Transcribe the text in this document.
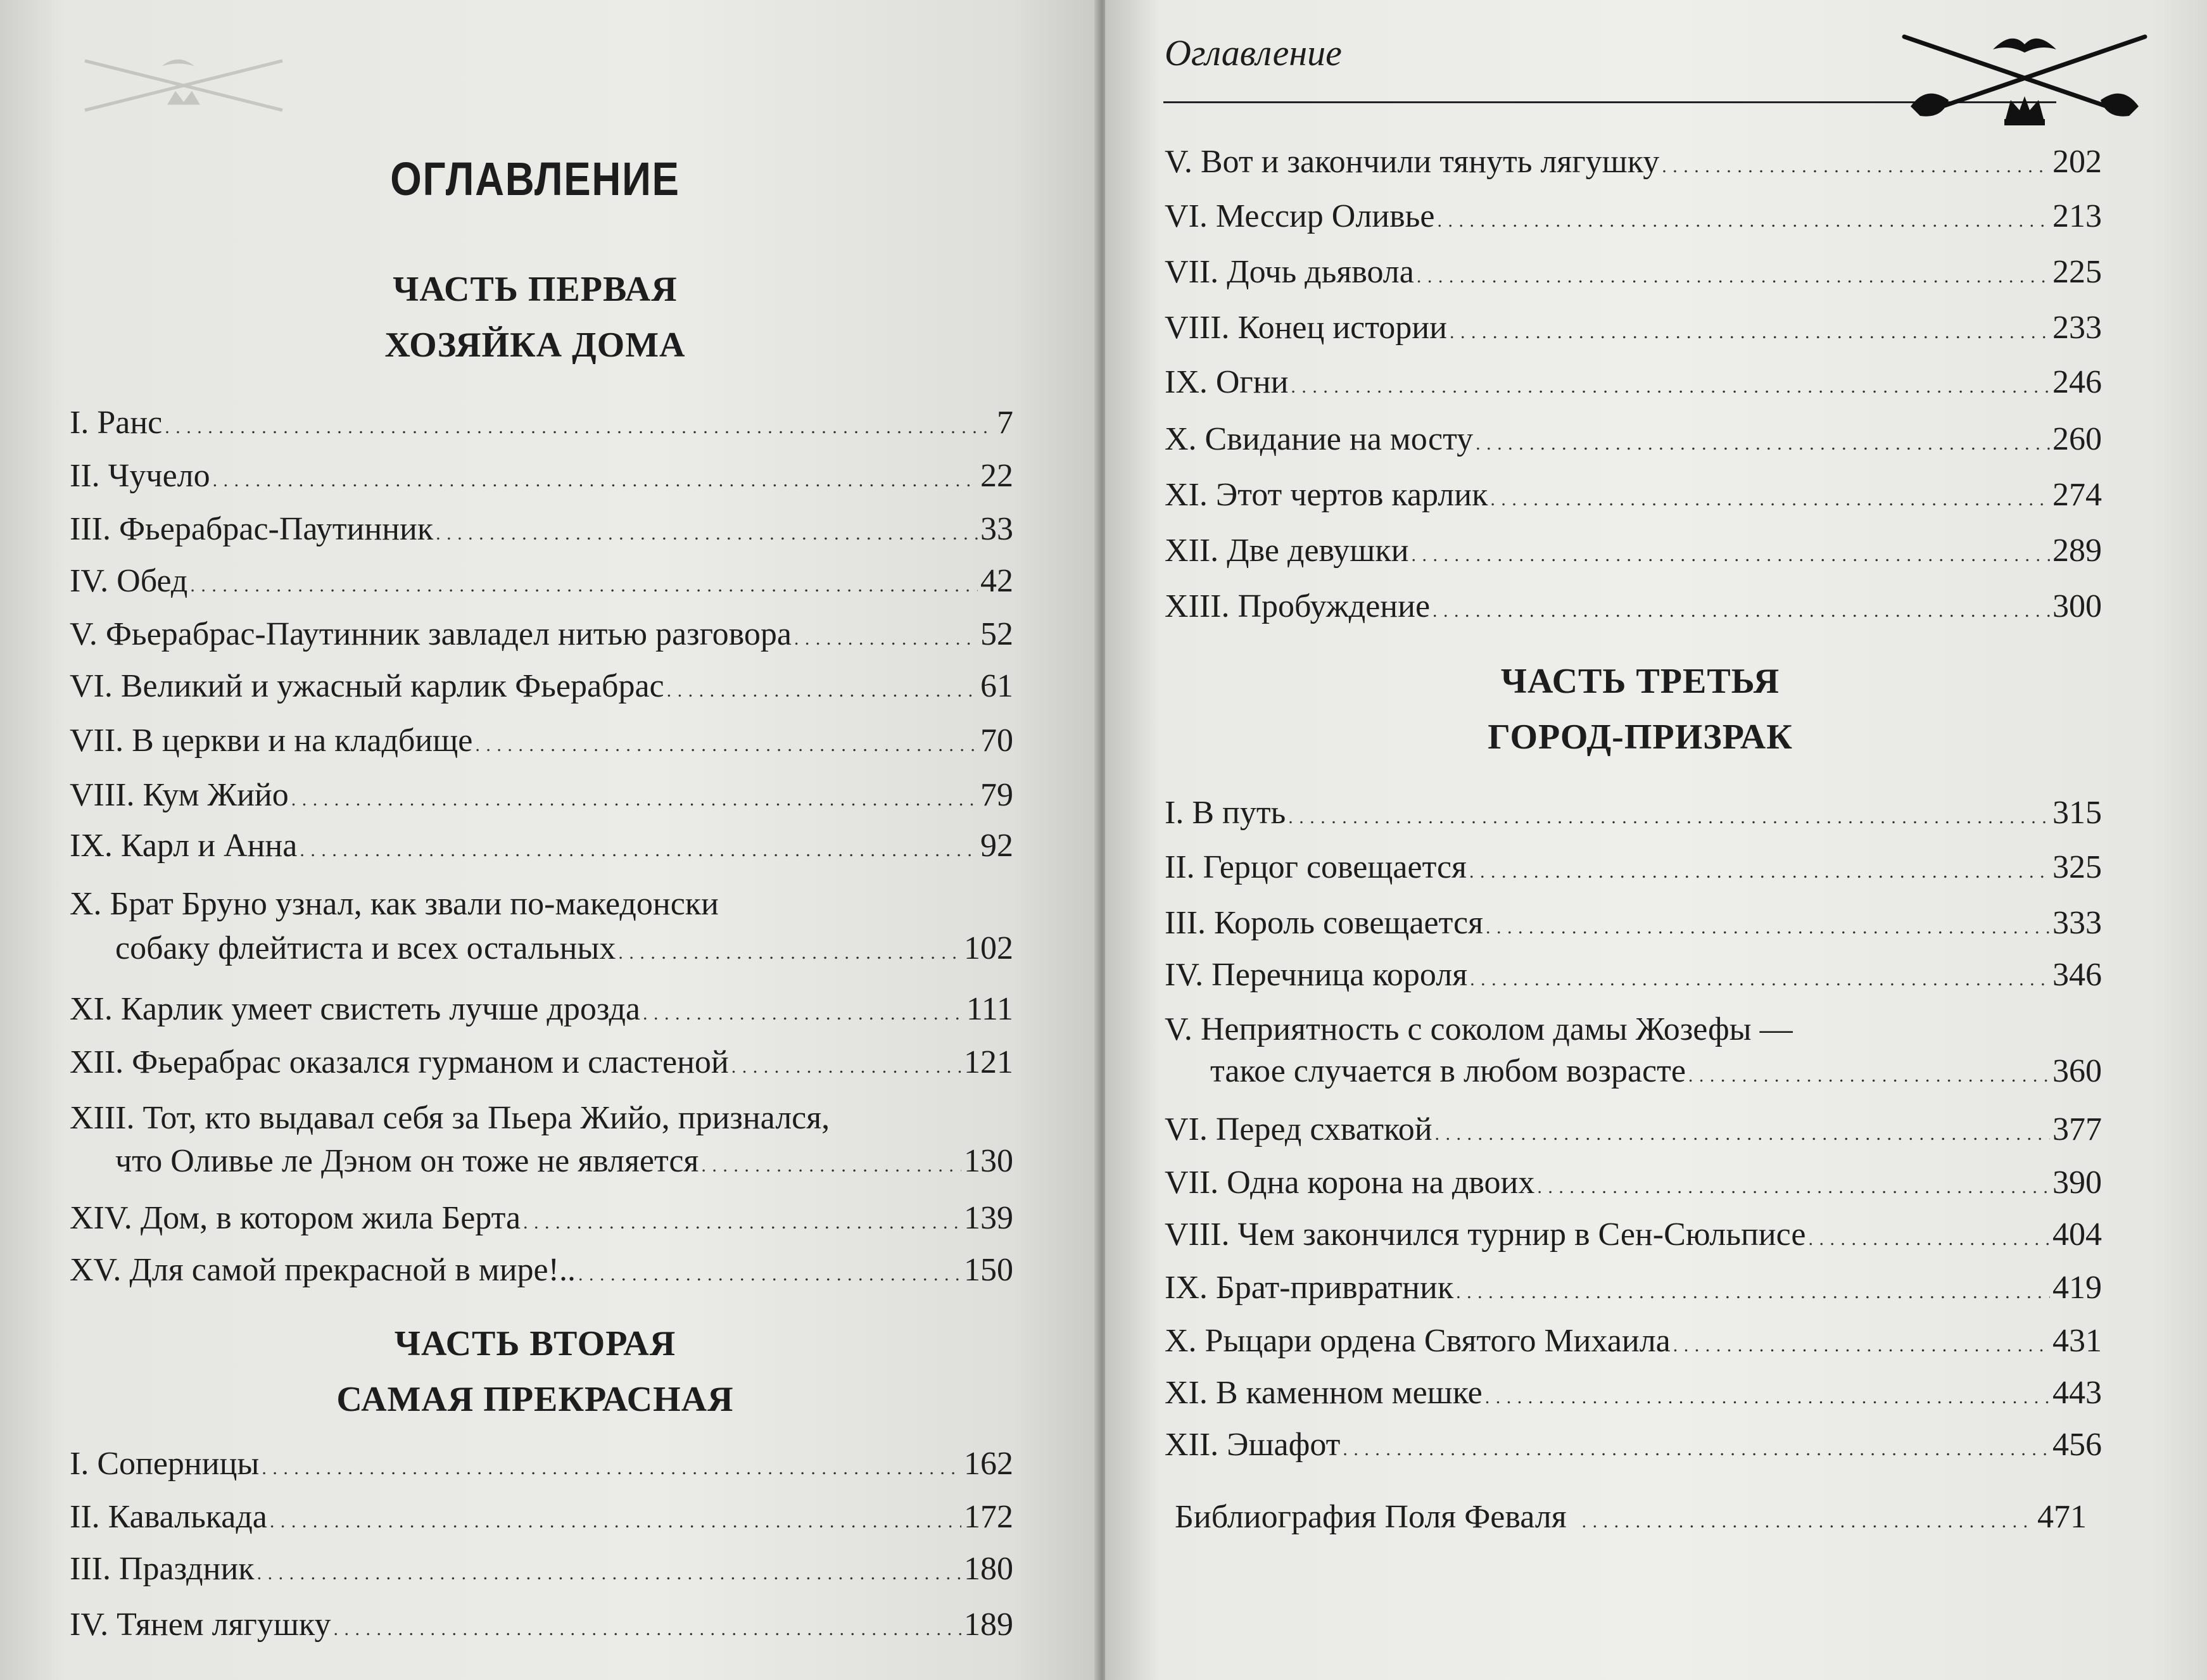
ОГЛАВЛЕНИЕ
ЧАСТЬ ПЕРВАЯ
ХОЗЯЙКА ДОМА
I. Ранс . . .	7
II. Чучело . . .	22
III. Фьерабрас-Паутинник . . .	33
IV. Обед . . .	42
V. Фьерабрас-Паутинник завладел нитью разговора . . .	52
VI. Великий и ужасный карлик Фьерабрас . . .	61
VII. В церкви и на кладбище . . .	70
VIII. Кум Жийо . . .	79
IX. Карл и Анна . . .	92
X. Брат Бруно узнал, как звали по-македонски
собаку флейтиста и всех остальных . . .	102
XI. Карлик умеет свистеть лучше дрозда . . .	111
XII. Фьерабрас оказался гурманом и сластеной . . .	121
XIII. Тот, кто выдавал себя за Пьера Жийо, признался,
что Оливье ле Дэном он тоже не является . . .	130
XIV. Дом, в котором жила Берта . . .	139
XV. Для самой прекрасной в мире!.. . . .	150
ЧАСТЬ ВТОРАЯ
САМАЯ ПРЕКРАСНАЯ
I. Соперницы . . .	162
II. Кавалькада . . .	172
III. Праздник . . .	180
IV. Тянем лягушку . . .	189
Оглавление
V. Вот и закончили тянуть лягушку . . .	202
VI. Мессир Оливье . . .	213
VII. Дочь дьявола . . .	225
VIII. Конец истории . . .	233
IX. Огни . . .	246
X. Свидание на мосту . . .	260
XI. Этот чертов карлик . . .	274
XII. Две девушки . . .	289
XIII. Пробуждение . . .	300
ЧАСТЬ ТРЕТЬЯ
ГОРОД-ПРИЗРАК
I. В путь . . .	315
II. Герцог совещается . . .	325
III. Король совещается . . .	333
IV. Перечница короля . . .	346
V. Неприятность с соколом дамы Жозефы —
такое случается в любом возрасте . . .	360
VI. Перед схваткой . . .	377
VII. Одна корона на двоих . . .	390
VIII. Чем закончился турнир в Сен-Сюльписе . . .	404
IX. Брат-привратник . . .	419
X. Рыцари ордена Святого Михаила . . .	431
XI. В каменном мешке . . .	443
XII. Эшафот . . .	456
Библиография Поля Феваля . . .	471
